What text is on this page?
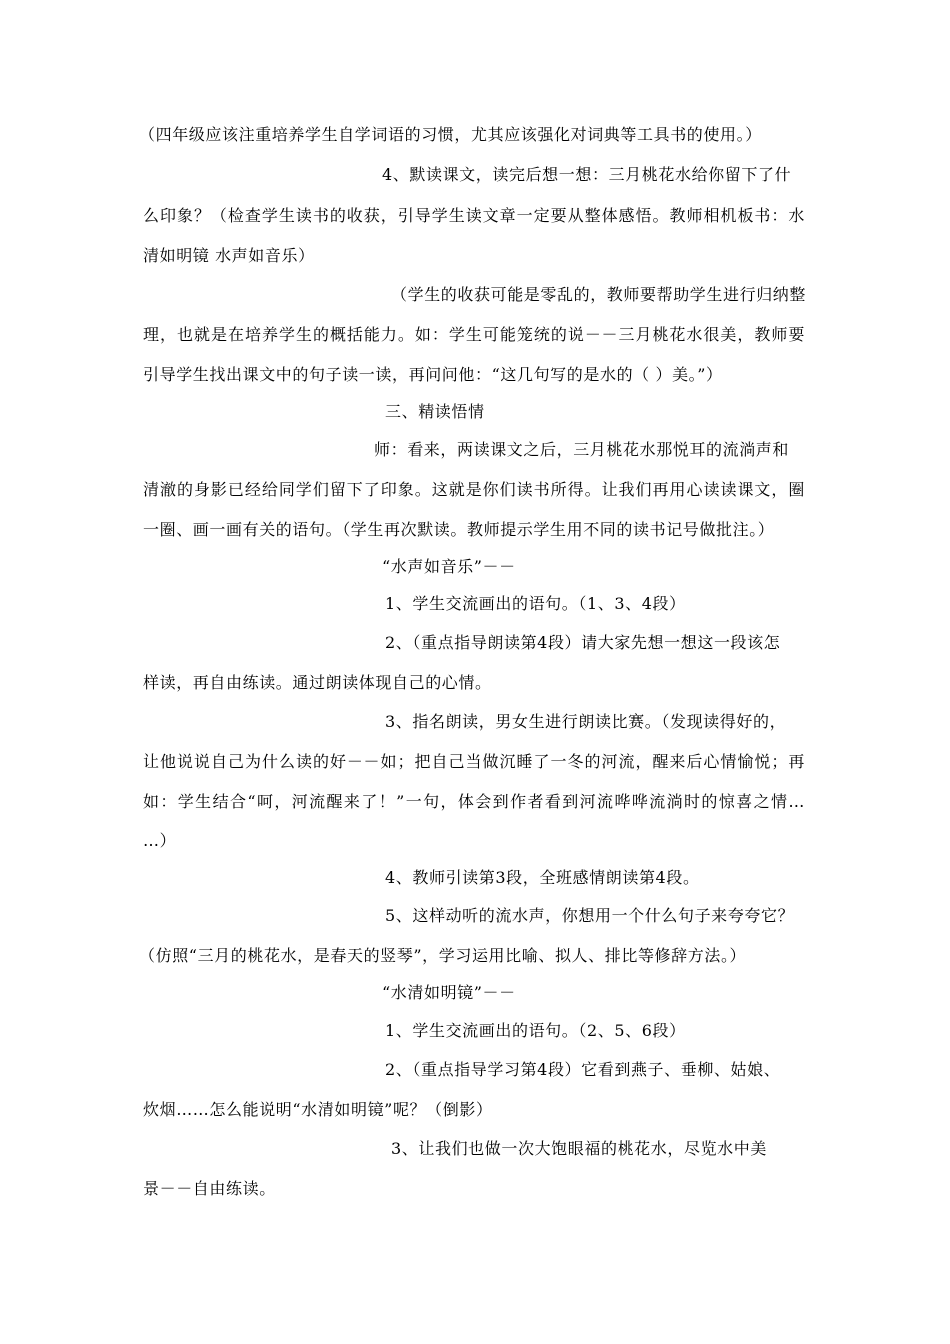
（四年级应该注重培养学生自学词语的习惯，尤其应该强化对词典等工具书的使用。）
4、默读课文，读完后想一想：三月桃花水给你留下了什
么印象？（检查学生读书的收获，引导学生读文章一定要从整体感悟。教师相机板书：水
清如明镜 水声如音乐）
（学生的收获可能是零乱的，教师要帮助学生进行归纳整
理，也就是在培养学生的概括能力。如：学生可能笼统的说－－三月桃花水很美，教师要
引导学生找出课文中的句子读一读，再问问他：“这几句写的是水的（ ）美。”）
三、精读悟情
师：看来，两读课文之后，三月桃花水那悦耳的流淌声和
清澈的身影已经给同学们留下了印象。这就是你们读书所得。让我们再用心读读课文，圈
一圈、画一画有关的语句。（学生再次默读。教师提示学生用不同的读书记号做批注。）
“水声如音乐”－－
1、学生交流画出的语句。（1、3、4段）
2、（重点指导朗读第4段）请大家先想一想这一段该怎
样读，再自由练读。通过朗读体现自己的心情。
3、指名朗读，男女生进行朗读比赛。（发现读得好的，
让他说说自己为什么读的好－－如；把自己当做沉睡了一冬的河流，醒来后心情愉悦；再
如：学生结合“呵，河流醒来了！”一句，体会到作者看到河流哗哗流淌时的惊喜之情…
…）
4、教师引读第3段，全班感情朗读第4段。
5、这样动听的流水声，你想用一个什么句子来夸夸它？
（仿照“三月的桃花水，是春天的竖琴”，学习运用比喻、拟人、排比等修辞方法。）
“水清如明镜”－－
1、学生交流画出的语句。（2、5、6段）
2、（重点指导学习第4段）它看到燕子、垂柳、姑娘、
炊烟……怎么能说明“水清如明镜”呢？（倒影）
3、让我们也做一次大饱眼福的桃花水，尽览水中美
景－－自由练读。
